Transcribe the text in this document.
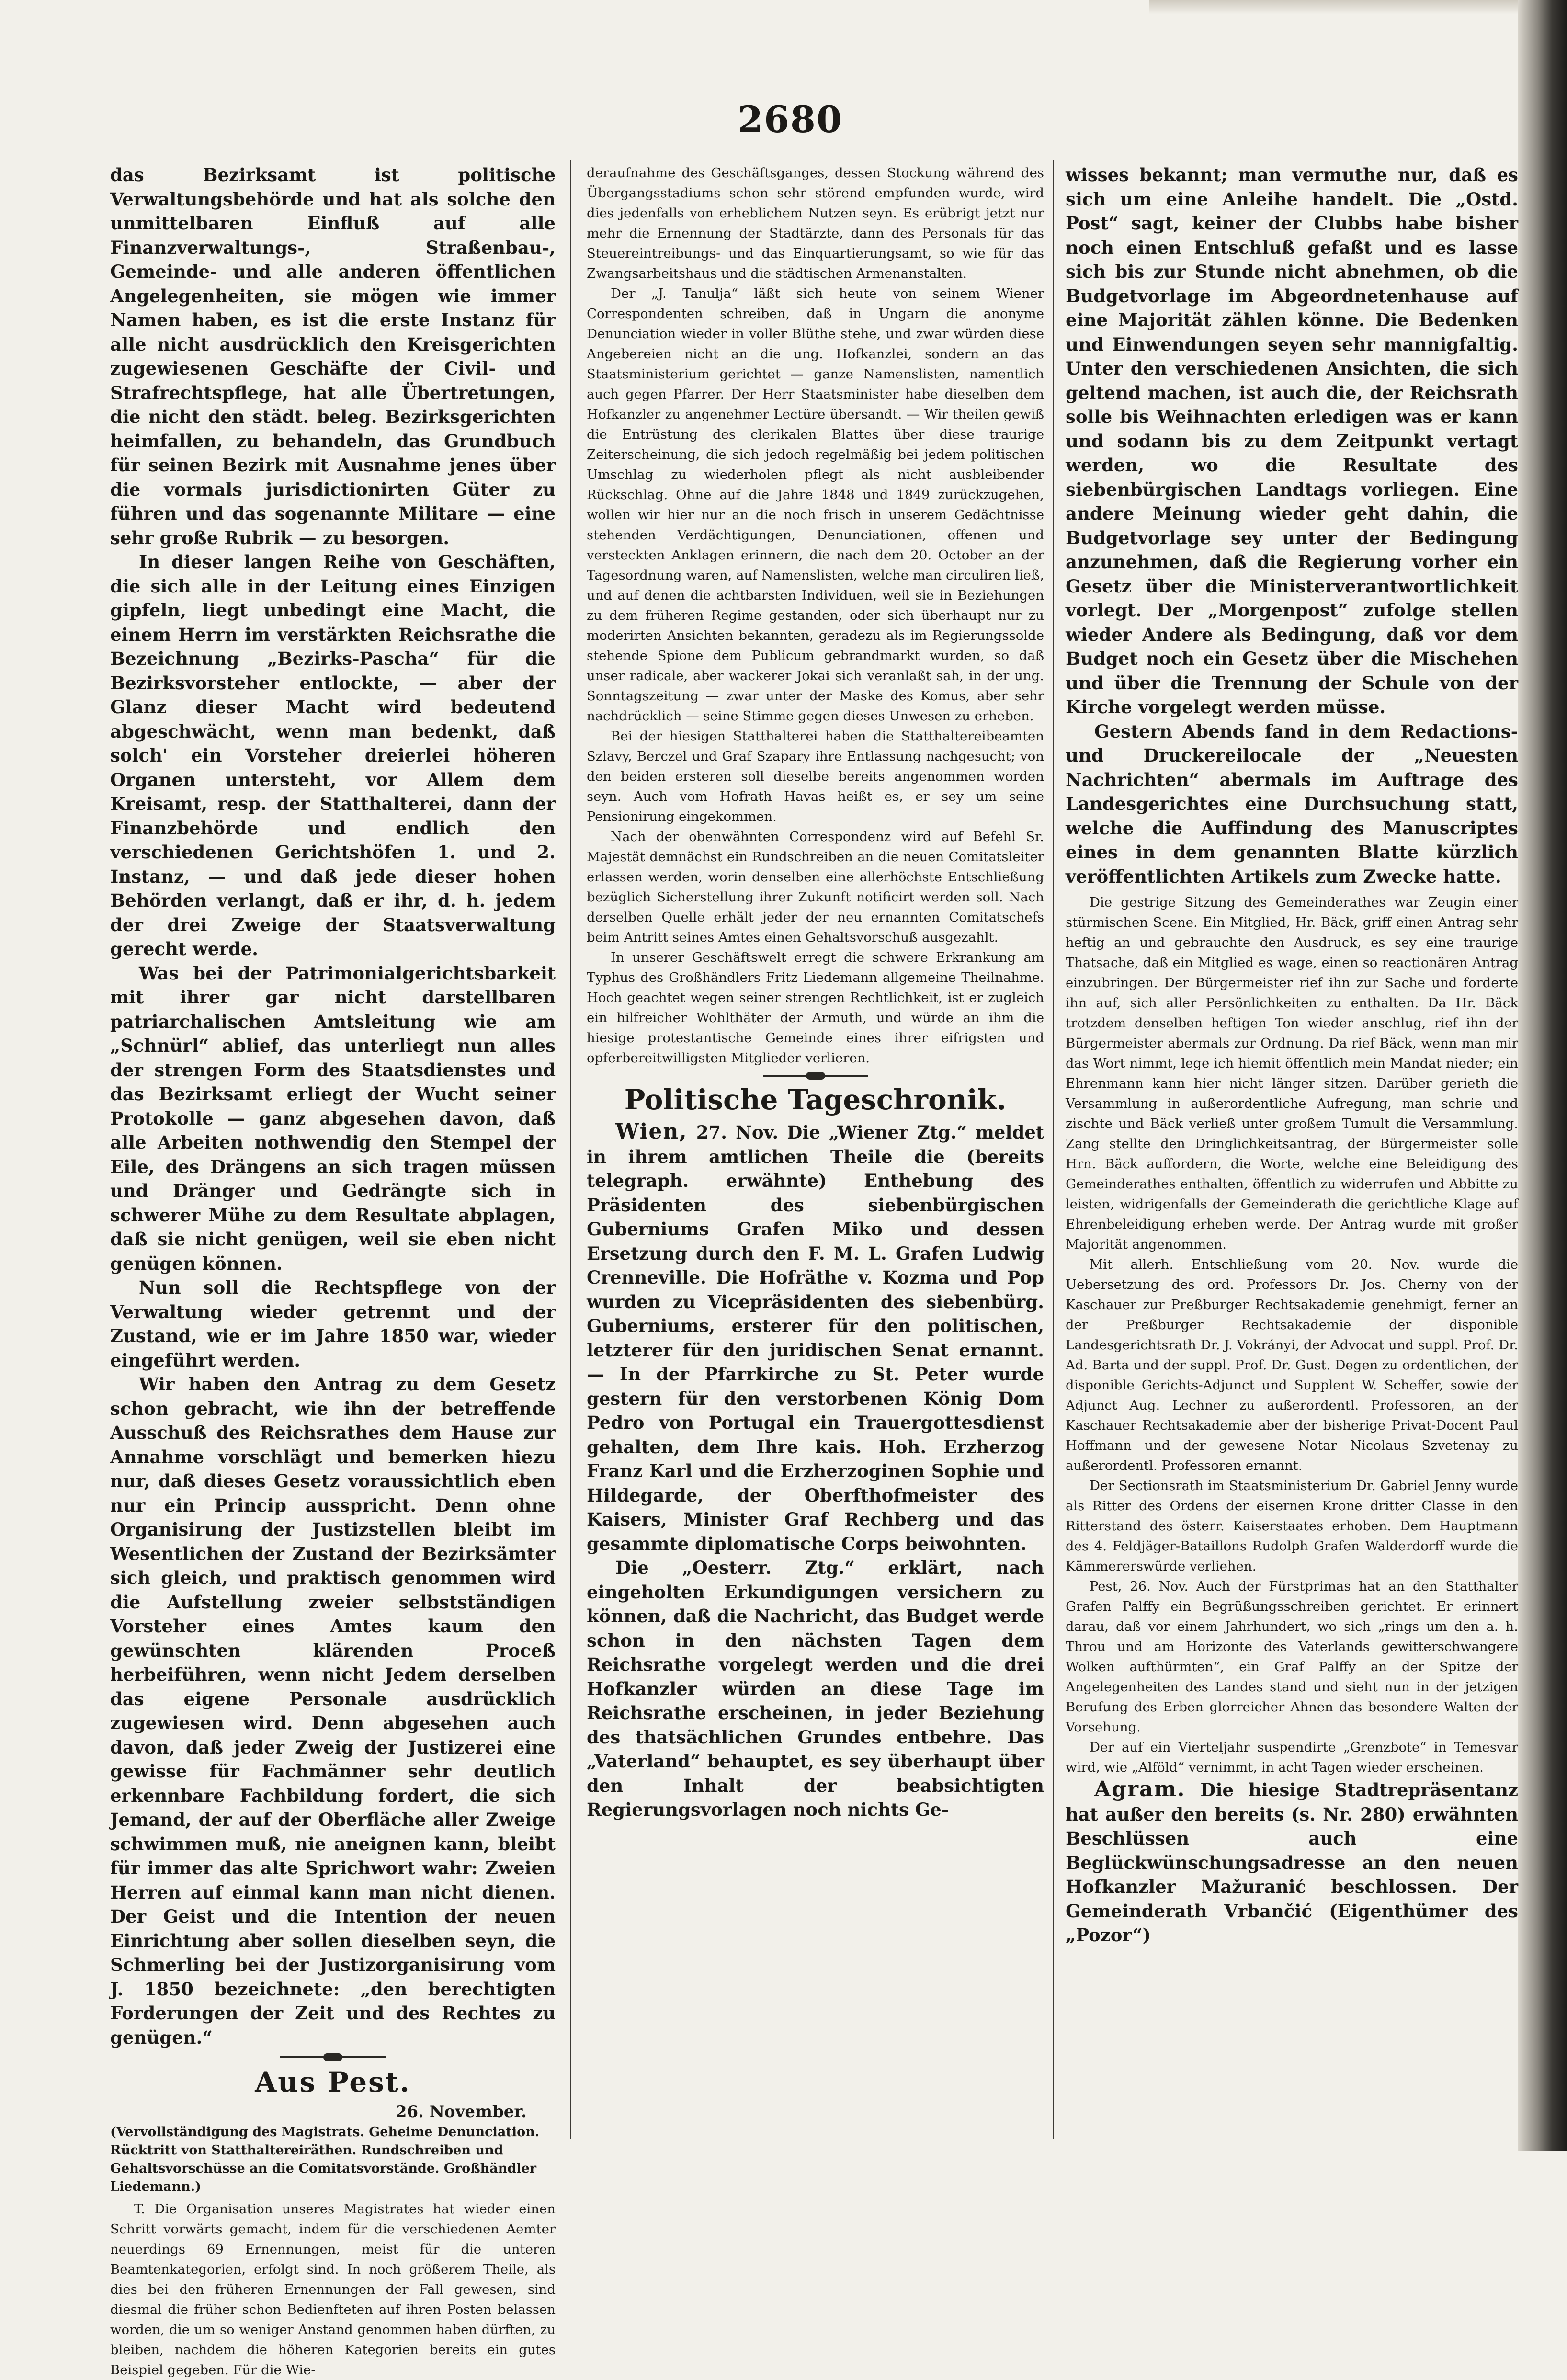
2680

das Bezirksamt ist politische Verwaltungsbehörde und hat als solche den unmittelbaren Einfluß auf alle Finanzverwaltungs-, Straßenbau-, Gemeinde- und alle anderen öffentlichen Angelegenheiten, sie mögen wie immer Namen haben, es ist die erste Instanz für alle nicht ausdrücklich den Kreisgerichten zugewiesenen Geschäfte der Civil- und Strafrechtspflege, hat alle Übertretungen, die nicht den städt. beleg. Bezirksgerichten heimfallen, zu behandeln, das Grundbuch für seinen Bezirk mit Ausnahme jenes über die vormals jurisdictionirten Güter zu führen und das sogenannte Militare — eine sehr große Rubrik — zu besorgen.

In dieser langen Reihe von Geschäften, die sich alle in der Leitung eines Einzigen gipfeln, liegt unbedingt eine Macht, die einem Herrn im verstärkten Reichsrathe die Bezeichnung „Bezirks-Pascha“ für die Bezirksvorsteher entlockte, — aber der Glanz dieser Macht wird bedeutend abgeschwächt, wenn man bedenkt, daß solch' ein Vorsteher dreierlei höheren Organen untersteht, vor Allem dem Kreisamt, resp. der Statthalterei, dann der Finanzbehörde und endlich den verschiedenen Gerichtshöfen 1. und 2. Instanz, — und daß jede dieser hohen Behörden verlangt, daß er ihr, d. h. jedem der drei Zweige der Staatsverwaltung gerecht werde.

Was bei der Patrimonialgerichtsbarkeit mit ihrer gar nicht darstellbaren patriarchalischen Amtsleitung wie am „Schnürl“ ablief, das unterliegt nun alles der strengen Form des Staatsdienstes und das Bezirksamt erliegt der Wucht seiner Protokolle — ganz abgesehen davon, daß alle Arbeiten nothwendig den Stempel der Eile, des Drängens an sich tragen müssen und Dränger und Gedrängte sich in schwerer Mühe zu dem Resultate abplagen, daß sie nicht genügen, weil sie eben nicht genügen können.

Nun soll die Rechtspflege von der Verwaltung wieder getrennt und der Zustand, wie er im Jahre 1850 war, wieder eingeführt werden.

Wir haben den Antrag zu dem Gesetz schon gebracht, wie ihn der betreffende Ausschuß des Reichsrathes dem Hause zur Annahme vorschlägt und bemerken hiezu nur, daß dieses Gesetz voraussichtlich eben nur ein Princip ausspricht. Denn ohne Organisirung der Justizstellen bleibt im Wesentlichen der Zustand der Bezirksämter sich gleich, und praktisch genommen wird die Aufstellung zweier selbstständigen Vorsteher eines Amtes kaum den gewünschten klärenden Proceß herbeiführen, wenn nicht Jedem derselben das eigene Personale ausdrücklich zugewiesen wird. Denn abgesehen auch davon, daß jeder Zweig der Justizerei eine gewisse für Fachmänner sehr deutlich erkennbare Fachbildung fordert, die sich Jemand, der auf der Oberfläche aller Zweige schwimmen muß, nie aneignen kann, bleibt für immer das alte Sprichwort wahr: Zweien Herren auf einmal kann man nicht dienen. Der Geist und die Intention der neuen Einrichtung aber sollen dieselben seyn, die Schmerling bei der Justizorganisirung vom J. 1850 bezeichnete: „den berechtigten Forderungen der Zeit und des Rechtes zu genügen.“

Aus Pest.
26. November.
(Vervollständigung des Magistrats. Geheime Denunciation. Rücktritt von Statthaltereiräthen. Rundschreiben und Gehaltsvorschüsse an die Comitatsvorstände. Großhändler Liedemann.)

T. Die Organisation unseres Magistrates hat wieder einen Schritt vorwärts gemacht, indem für die verschiedenen Aemter neuerdings 69 Ernennungen, meist für die unteren Beamtenkategorien, erfolgt sind. In noch größerem Theile, als dies bei den früheren Ernennungen der Fall gewesen, sind diesmal die früher schon Bedienfteten auf ihren Posten belassen worden, die um so weniger Anstand genommen haben dürften, zu bleiben, nachdem die höheren Kategorien bereits ein gutes Beispiel gegeben. Für die Wie-

deraufnahme des Geschäftsganges, dessen Stockung während des Übergangsstadiums schon sehr störend empfunden wurde, wird dies jedenfalls von erheblichem Nutzen seyn. Es erübrigt jetzt nur mehr die Ernennung der Stadtärzte, dann des Personals für das Steuereintreibungs- und das Einquartierungsamt, so wie für das Zwangsarbeitshaus und die städtischen Armenanstalten.

Der „J. Tanulja“ läßt sich heute von seinem Wiener Correspondenten schreiben, daß in Ungarn die anonyme Denunciation wieder in voller Blüthe stehe, und zwar würden diese Angebereien nicht an die ung. Hofkanzlei, sondern an das Staatsministerium gerichtet — ganze Namenslisten, namentlich auch gegen Pfarrer. Der Herr Staatsminister habe dieselben dem Hofkanzler zu angenehmer Lectüre übersandt. — Wir theilen gewiß die Entrüstung des clerikalen Blattes über diese traurige Zeiterscheinung, die sich jedoch regelmäßig bei jedem politischen Umschlag zu wiederholen pflegt als nicht ausbleibender Rückschlag. Ohne auf die Jahre 1848 und 1849 zurückzugehen, wollen wir hier nur an die noch frisch in unserem Gedächtnisse stehenden Verdächtigungen, Denunciationen, offenen und versteckten Anklagen erinnern, die nach dem 20. October an der Tagesordnung waren, auf Namenslisten, welche man circuliren ließ, und auf denen die achtbarsten Individuen, weil sie in Beziehungen zu dem früheren Regime gestanden, oder sich überhaupt nur zu moderirten Ansichten bekannten, geradezu als im Regierungssolde stehende Spione dem Publicum gebrandmarkt wurden, so daß unser radicale, aber wackerer Jokai sich veranlaßt sah, in der ung. Sonntagszeitung — zwar unter der Maske des Komus, aber sehr nachdrücklich — seine Stimme gegen dieses Unwesen zu erheben.

Bei der hiesigen Statthalterei haben die Statthaltereibeamten Szlavy, Berczel und Graf Szapary ihre Entlassung nachgesucht; von den beiden ersteren soll dieselbe bereits angenommen worden seyn. Auch vom Hofrath Havas heißt es, er sey um seine Pensionirung eingekommen.

Nach der obenwähnten Correspondenz wird auf Befehl Sr. Majestät demnächst ein Rundschreiben an die neuen Comitatsleiter erlassen werden, worin denselben eine allerhöchste Entschließung bezüglich Sicherstellung ihrer Zukunft notificirt werden soll. Nach derselben Quelle erhält jeder der neu ernannten Comitatschefs beim Antritt seines Amtes einen Gehaltsvorschuß ausgezahlt.

In unserer Geschäftswelt erregt die schwere Erkrankung am Typhus des Großhändlers Fritz Liedemann allgemeine Theilnahme. Hoch geachtet wegen seiner strengen Rechtlichkeit, ist er zugleich ein hilfreicher Wohlthäter der Armuth, und würde an ihm die hiesige protestantische Gemeinde eines ihrer eifrigsten und opferbereitwilligsten Mitglieder verlieren.

Politische Tageschronik.

Wien, 27. Nov. Die „Wiener Ztg.“ meldet in ihrem amtlichen Theile die (bereits telegraph. erwähnte) Enthebung des Präsidenten des siebenbürgischen Guberniums Grafen Miko und dessen Ersetzung durch den F. M. L. Grafen Ludwig Crenneville. Die Hofräthe v. Kozma und Pop wurden zu Vicepräsidenten des siebenbürg. Guberniums, ersterer für den politischen, letzterer für den juridischen Senat ernannt. — In der Pfarrkirche zu St. Peter wurde gestern für den verstorbenen König Dom Pedro von Portugal ein Trauergottesdienst gehalten, dem Ihre kais. Hoh. Erzherzog Franz Karl und die Erzherzoginen Sophie und Hildegarde, der Oberfthofmeister des Kaisers, Minister Graf Rechberg und das gesammte diplomatische Corps beiwohnten.

Die „Oesterr. Ztg.“ erklärt, nach eingeholten Erkundigungen versichern zu können, daß die Nachricht, das Budget werde schon in den nächsten Tagen dem Reichsrathe vorgelegt werden und die drei Hofkanzler würden an diese Tage im Reichsrathe erscheinen, in jeder Beziehung des thatsächlichen Grundes entbehre. Das „Vaterland“ behauptet, es sey überhaupt über den Inhalt der beabsichtigten Regierungsvorlagen noch nichts Ge-

wisses bekannt; man vermuthe nur, daß es sich um eine Anleihe handelt. Die „Ostd. Post“ sagt, keiner der Clubbs habe bisher noch einen Entschluß gefaßt und es lasse sich bis zur Stunde nicht abnehmen, ob die Budgetvorlage im Abgeordnetenhause auf eine Majorität zählen könne. Die Bedenken und Einwendungen seyen sehr mannigfaltig. Unter den verschiedenen Ansichten, die sich geltend machen, ist auch die, der Reichsrath solle bis Weihnachten erledigen was er kann und sodann bis zu dem Zeitpunkt vertagt werden, wo die Resultate des siebenbürgischen Landtags vorliegen. Eine andere Meinung wieder geht dahin, die Budgetvorlage sey unter der Bedingung anzunehmen, daß die Regierung vorher ein Gesetz über die Ministerverantwortlichkeit vorlegt. Der „Morgenpost“ zufolge stellen wieder Andere als Bedingung, daß vor dem Budget noch ein Gesetz über die Mischehen und über die Trennung der Schule von der Kirche vorgelegt werden müsse.

Gestern Abends fand in dem Redactions- und Druckereilocale der „Neuesten Nachrichten“ abermals im Auftrage des Landesgerichtes eine Durchsuchung statt, welche die Auffindung des Manuscriptes eines in dem genannten Blatte kürzlich veröffentlichten Artikels zum Zwecke hatte.

Die gestrige Sitzung des Gemeinderathes war Zeugin einer stürmischen Scene. Ein Mitglied, Hr. Bäck, griff einen Antrag sehr heftig an und gebrauchte den Ausdruck, es sey eine traurige Thatsache, daß ein Mitglied es wage, einen so reactionären Antrag einzubringen. Der Bürgermeister rief ihn zur Sache und forderte ihn auf, sich aller Persönlichkeiten zu enthalten. Da Hr. Bäck trotzdem denselben heftigen Ton wieder anschlug, rief ihn der Bürgermeister abermals zur Ordnung. Da rief Bäck, wenn man mir das Wort nimmt, lege ich hiemit öffentlich mein Mandat nieder; ein Ehrenmann kann hier nicht länger sitzen. Darüber gerieth die Versammlung in außerordentliche Aufregung, man schrie und zischte und Bäck verließ unter großem Tumult die Versammlung. Zang stellte den Dringlichkeitsantrag, der Bürgermeister solle Hrn. Bäck auffordern, die Worte, welche eine Beleidigung des Gemeinderathes enthalten, öffentlich zu widerrufen und Abbitte zu leisten, widrigenfalls der Gemeinderath die gerichtliche Klage auf Ehrenbeleidigung erheben werde. Der Antrag wurde mit großer Majorität angenommen.

Mit allerh. Entschließung vom 20. Nov. wurde die Uebersetzung des ord. Professors Dr. Jos. Cherny von der Kaschauer zur Preßburger Rechtsakademie genehmigt, ferner an der Preßburger Rechtsakademie der disponible Landesgerichtsrath Dr. J. Vokrányi, der Advocat und suppl. Prof. Dr. Ad. Barta und der suppl. Prof. Dr. Gust. Degen zu ordentlichen, der disponible Gerichts-Adjunct und Supplent W. Scheffer, sowie der Adjunct Aug. Lechner zu außerordentl. Professoren, an der Kaschauer Rechtsakademie aber der bisherige Privat-Docent Paul Hoffmann und der gewesene Notar Nicolaus Szvetenay zu außerordentl. Professoren ernannt.

Der Sectionsrath im Staatsministerium Dr. Gabriel Jenny wurde als Ritter des Ordens der eisernen Krone dritter Classe in den Ritterstand des österr. Kaiserstaates erhoben. Dem Hauptmann des 4. Feldjäger-Bataillons Rudolph Grafen Walderdorff wurde die Kämmererswürde verliehen.

Pest, 26. Nov. Auch der Fürstprimas hat an den Statthalter Grafen Palffy ein Begrüßungsschreiben gerichtet. Er erinnert darau, daß vor einem Jahrhundert, wo sich „rings um den a. h. Throu und am Horizonte des Vaterlands gewitterschwangere Wolken aufthürmten“, ein Graf Palffy an der Spitze der Angelegenheiten des Landes stand und sieht nun in der jetzigen Berufung des Erben glorreicher Ahnen das besondere Walten der Vorsehung.

Der auf ein Vierteljahr suspendirte „Grenzbote“ in Temesvar wird, wie „Alföld“ vernimmt, in acht Tagen wieder erscheinen.

Agram. Die hiesige Stadtrepräsentanz hat außer den bereits (s. Nr. 280) erwähnten Beschlüssen auch eine Beglückwünschungsadresse an den neuen Hofkanzler Mažuranić beschlossen. Der Gemeinderath Vrbančić (Eigenthümer des „Pozor“)
